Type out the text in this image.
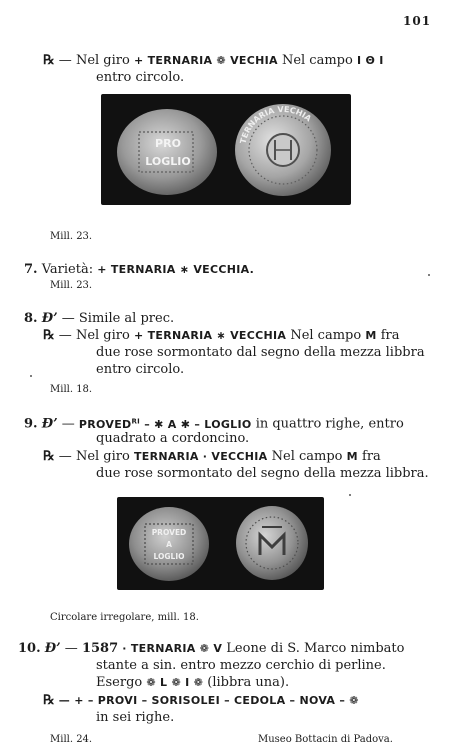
101
℞ — Nel giro + TERNARIA ❁ VECHIA Nel campo I Θ I
entro circolo.
PRO
LOGLIO
TERNARIA VECHIA
Mill. 23.
7. Varietà: + TERNARIA ∗ VECCHIA.
Mill. 23.
8. Ɖ’ — Simile al prec.
℞ — Nel giro + TERNARIA ∗ VECCHIA Nel campo M fra
due rose sormontato dal segno della mezza libbra
entro circolo.
Mill. 18.
9. Ɖ’ — $PROVED^{RI}$ – ✱ A ✱ – LOGLIO in quattro righe, entro
quadrato a cordoncino.
℞ — Nel giro TERNARIA · VECCHIA Nel campo M fra
due rose sormontato del segno della mezza libbra.
PROVED
A
LOGLIO
Circolare irregolare, mill. 18.
10. Ɖ’ — 1587 · TERNARIA ❁ V Leone di S. Marco nimbato
stante a sin. entro mezzo cerchio di perline.
Esergo ❁ L ❁ I ❁ (libbra una).
℞ — + – PROVI – SORISOLEI – CEDOLA – NOVA – ❁
in sei righe.
Mill. 24.	Museo Bottacin di Padova.
